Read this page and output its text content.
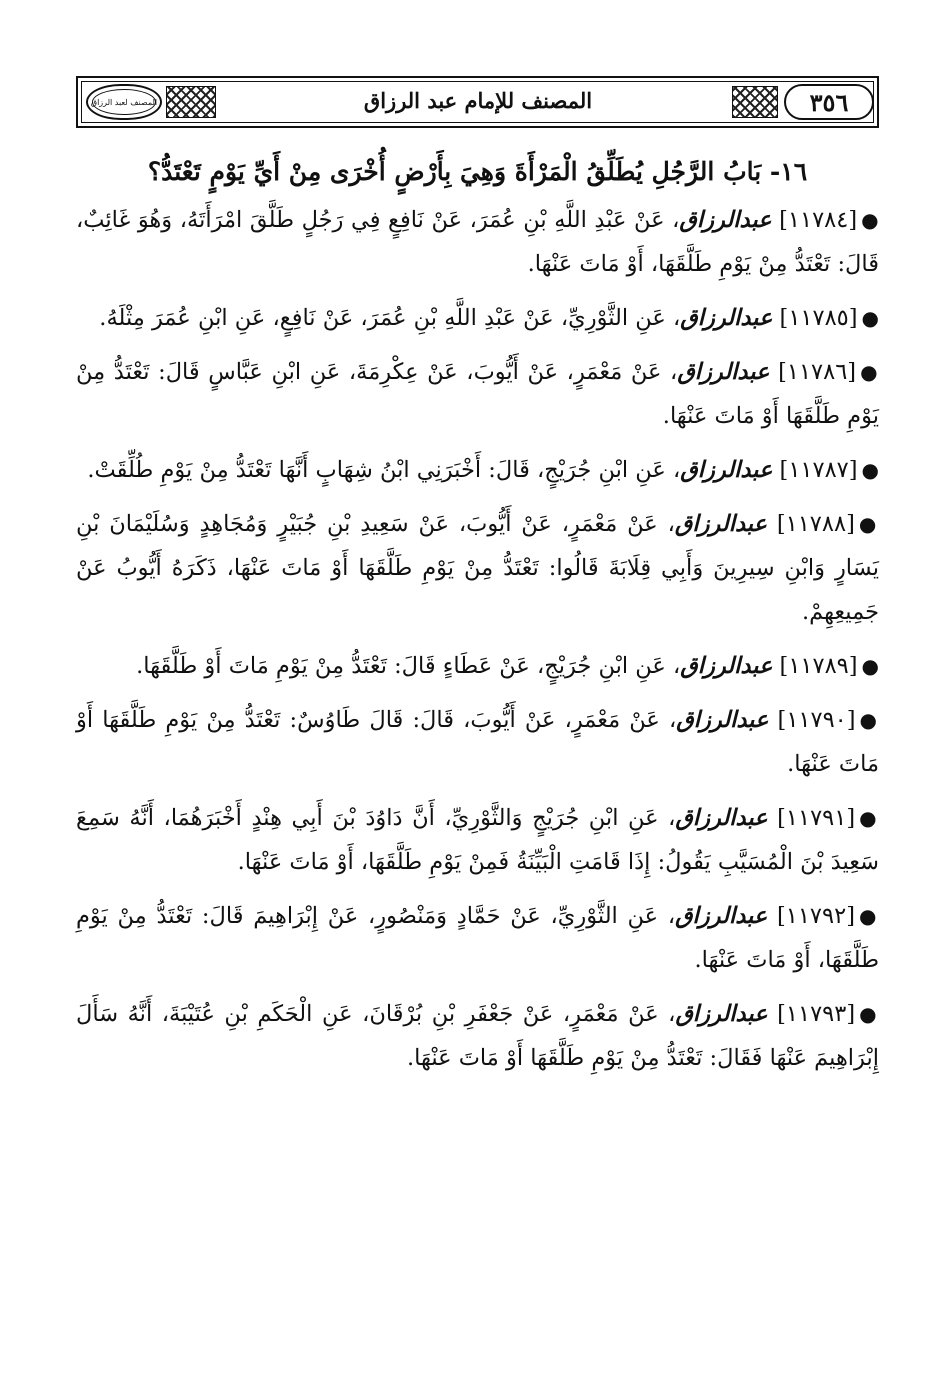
المصنف لعبد الرزاق	المصنف للإمام عبد الرزاق	٣٥٦
١٦- بَابُ الرَّجُلِ يُطَلِّقُ الْمَرْأَةَ وَهِيَ بِأَرْضٍ أُخْرَى مِنْ أَيِّ يَوْمٍ تَعْتَدُّ؟

●[١١٧٨٤] عبدالرزاق، عَنْ عَبْدِ اللَّهِ بْنِ عُمَرَ، عَنْ نَافِعٍ فِي رَجُلٍ طَلَّقَ امْرَأَتَهُ، وَهُوَ غَائِبٌ، قَالَ: تَعْتَدُّ مِنْ يَوْمِ طَلَّقَهَا، أَوْ مَاتَ عَنْهَا.

●[١١٧٨٥] عبدالرزاق، عَنِ الثَّوْرِيِّ، عَنْ عَبْدِ اللَّهِ بْنِ عُمَرَ، عَنْ نَافِعٍ، عَنِ ابْنِ عُمَرَ مِثْلَهُ.

●[١١٧٨٦] عبدالرزاق، عَنْ مَعْمَرٍ، عَنْ أَيُّوبَ، عَنْ عِكْرِمَةَ، عَنِ ابْنِ عَبَّاسٍ قَالَ: تَعْتَدُّ مِنْ يَوْمِ طَلَّقَهَا أَوْ مَاتَ عَنْهَا.

●[١١٧٨٧] عبدالرزاق، عَنِ ابْنِ جُرَيْجٍ، قَالَ: أَخْبَرَنِي ابْنُ شِهَابٍ أَنَّهَا تَعْتَدُّ مِنْ يَوْمِ طُلِّقَتْ.

●[١١٧٨٨] عبدالرزاق، عَنْ مَعْمَرٍ، عَنْ أَيُّوبَ، عَنْ سَعِيدِ بْنِ جُبَيْرٍ وَمُجَاهِدٍ وَسُلَيْمَانَ بْنِ يَسَارٍ وَابْنِ سِيرِينَ وَأَبِي قِلَابَةَ قَالُوا: تَعْتَدُّ مِنْ يَوْمِ طَلَّقَهَا أَوْ مَاتَ عَنْهَا، ذَكَرَهُ أَيُّوبُ عَنْ جَمِيعِهِمْ.

●[١١٧٨٩] عبدالرزاق، عَنِ ابْنِ جُرَيْجٍ، عَنْ عَطَاءٍ قَالَ: تَعْتَدُّ مِنْ يَوْمِ مَاتَ أَوْ طَلَّقَهَا.

●[١١٧٩٠] عبدالرزاق، عَنْ مَعْمَرٍ، عَنْ أَيُّوبَ، قَالَ: قَالَ طَاوُسٌ: تَعْتَدُّ مِنْ يَوْمِ طَلَّقَهَا أَوْ مَاتَ عَنْهَا.

●[١١٧٩١] عبدالرزاق، عَنِ ابْنِ جُرَيْجٍ وَالثَّوْرِيِّ، أَنَّ دَاوُدَ بْنَ أَبِي هِنْدٍ أَخْبَرَهُمَا، أَنَّهُ سَمِعَ سَعِيدَ بْنَ الْمُسَيَّبِ يَقُولُ: إِذَا قَامَتِ الْبَيِّنَةُ فَمِنْ يَوْمِ طَلَّقَهَا، أَوْ مَاتَ عَنْهَا.

●[١١٧٩٢] عبدالرزاق، عَنِ الثَّوْرِيِّ، عَنْ حَمَّادٍ وَمَنْصُورٍ، عَنْ إِبْرَاهِيمَ قَالَ: تَعْتَدُّ مِنْ يَوْمِ طَلَّقَهَا، أَوْ مَاتَ عَنْهَا.

●[١١٧٩٣] عبدالرزاق، عَنْ مَعْمَرٍ، عَنْ جَعْفَرِ بْنِ بُرْقَانَ، عَنِ الْحَكَمِ بْنِ عُتَيْبَةَ، أَنَّهُ سَأَلَ إِبْرَاهِيمَ عَنْهَا فَقَالَ: تَعْتَدُّ مِنْ يَوْمِ طَلَّقَهَا أَوْ مَاتَ عَنْهَا.
